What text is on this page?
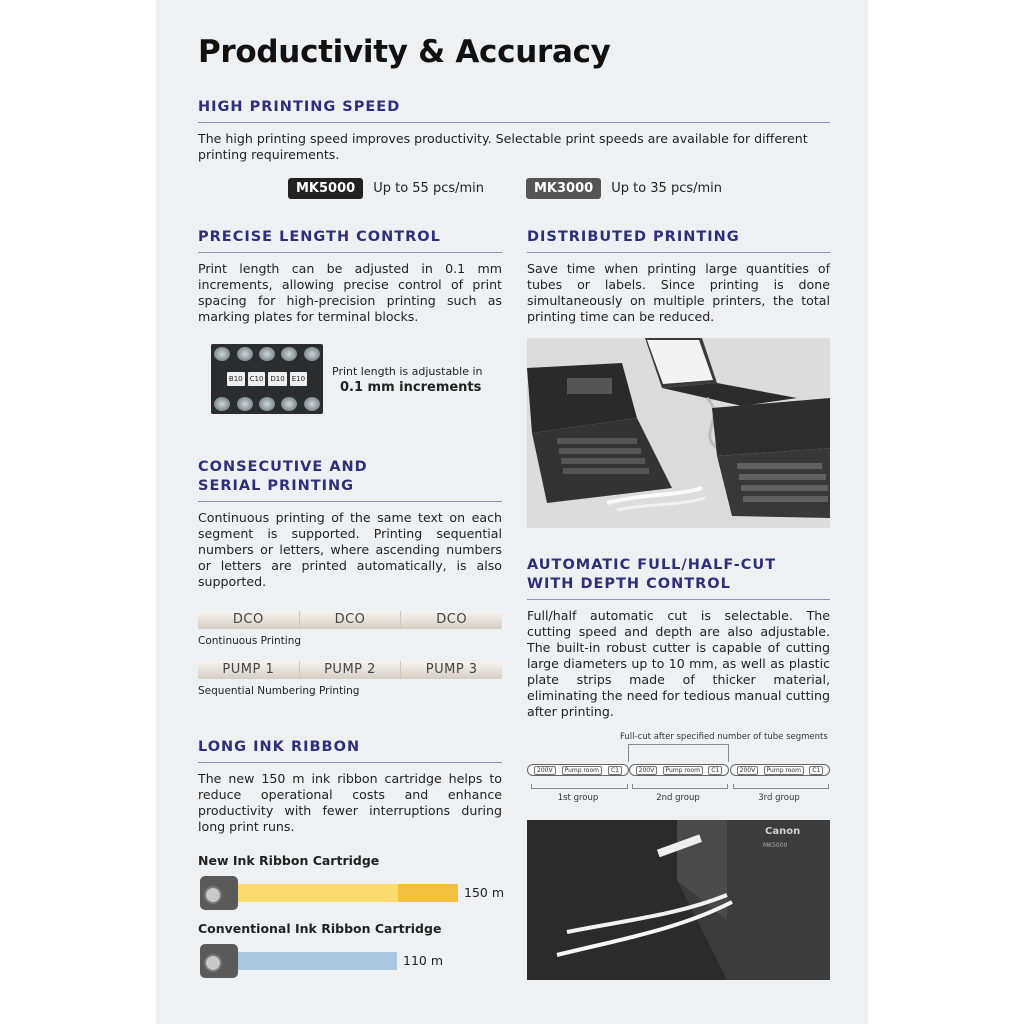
Productivity & Accuracy
HIGH PRINTING SPEED
The high printing speed improves productivity. Selectable print speeds are available for different printing requirements.
MK5000	Up to 55 pcs/min	MK3000	Up to 35 pcs/min
PRECISE LENGTH CONTROL
Print length can be adjusted in 0.1 mm increments, allowing precise control of print spacing for high-precision printing such as marking plates for terminal blocks.
B10 C10 D10 E10
Print length is adjustable in
0.1 mm increments
DISTRIBUTED PRINTING
Save time when printing large quantities of tubes or labels. Since printing is done simultaneously on multiple printers, the total printing time can be reduced.
CONSECUTIVE AND
SERIAL PRINTING
Continuous printing of the same text on each segment is supported. Printing sequential numbers or letters, where ascending numbers or letters are printed automatically, is also supported.
DCO	DCO	DCO
Continuous Printing
PUMP 1	PUMP 2	PUMP 3
Sequential Numbering Printing
AUTOMATIC FULL/HALF-CUT
WITH DEPTH CONTROL
Full/half automatic cut is selectable. The cutting speed and depth are also adjustable. The built-in robust cutter is capable of cutting large diameters up to 10 mm, as well as plastic plate strips made of thicker material, eliminating the need for tedious manual cutting after printing.
Full-cut after specified number of tube segments
200V	Pump room	C1	200V	Pump room	C1	200V	Pump room	C1
1st group	2nd group	3rd group
Canon
MK5000
LONG INK RIBBON
The new 150 m ink ribbon cartridge helps to reduce operational costs and enhance productivity with fewer interruptions during long print runs.
New Ink Ribbon Cartridge
150 m
Conventional Ink Ribbon Cartridge
110 m
